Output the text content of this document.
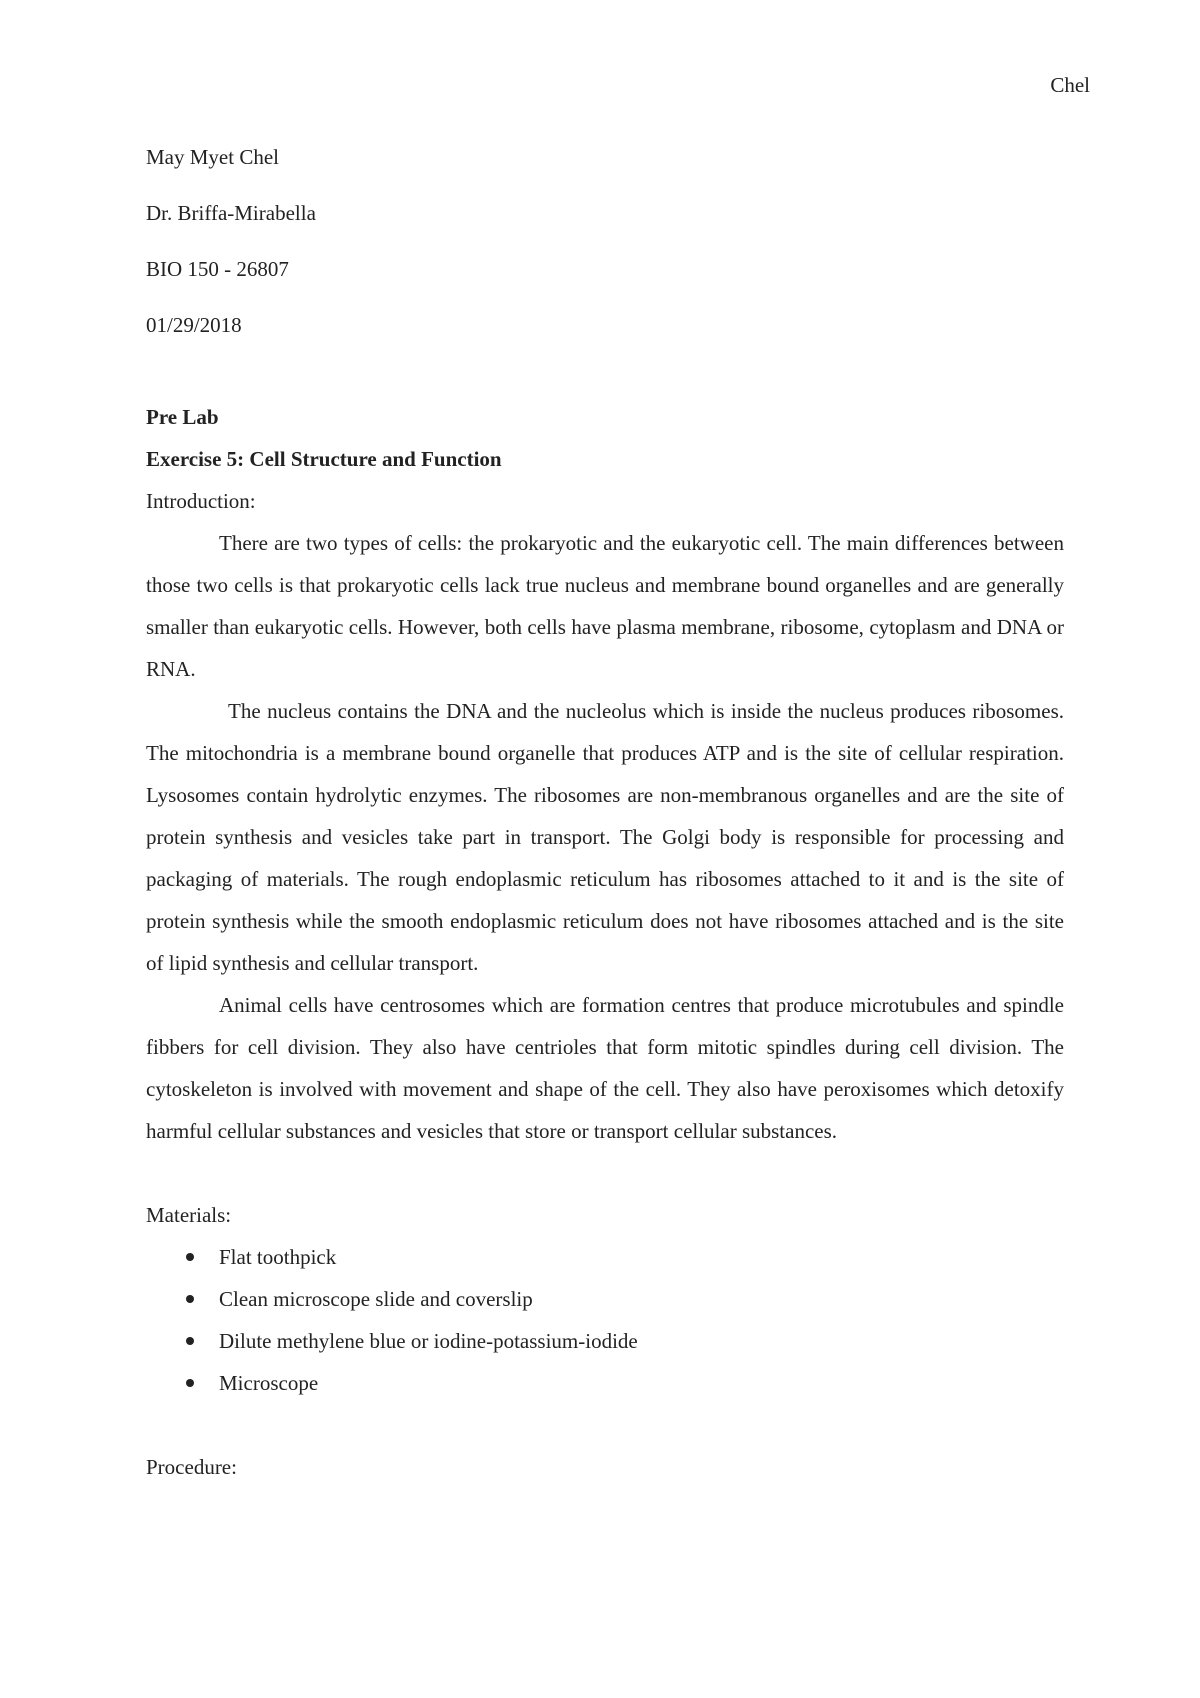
Chel

May Myet Chel

Dr. Briffa-Mirabella

BIO 150 - 26807

01/29/2018

Pre Lab

Exercise 5: Cell Structure and Function

Introduction:

There are two types of cells: the prokaryotic and the eukaryotic cell. The main differences between those two cells is that prokaryotic cells lack true nucleus and membrane bound organelles and are generally smaller than eukaryotic cells. However, both cells have plasma membrane, ribosome, cytoplasm and DNA or RNA.

The nucleus contains the DNA and the nucleolus which is inside the nucleus produces ribosomes. The mitochondria is a membrane bound organelle that produces ATP and is the site of cellular respiration. Lysosomes contain hydrolytic enzymes. The ribosomes are non-membranous organelles and are the site of protein synthesis and vesicles take part in transport. The Golgi body is responsible for processing and packaging of materials. The rough endoplasmic reticulum has ribosomes attached to it and is the site of protein synthesis while the smooth endoplasmic reticulum does not have ribosomes attached and is the site of lipid synthesis and cellular transport.

Animal cells have centrosomes which are formation centres that produce microtubules and spindle fibbers for cell division. They also have centrioles that form mitotic spindles during cell division. The cytoskeleton is involved with movement and shape of the cell. They also have peroxisomes which detoxify harmful cellular substances and vesicles that store or transport cellular substances.

Materials:

Flat toothpick
Clean microscope slide and coverslip
Dilute methylene blue or iodine-potassium-iodide
Microscope

Procedure:
